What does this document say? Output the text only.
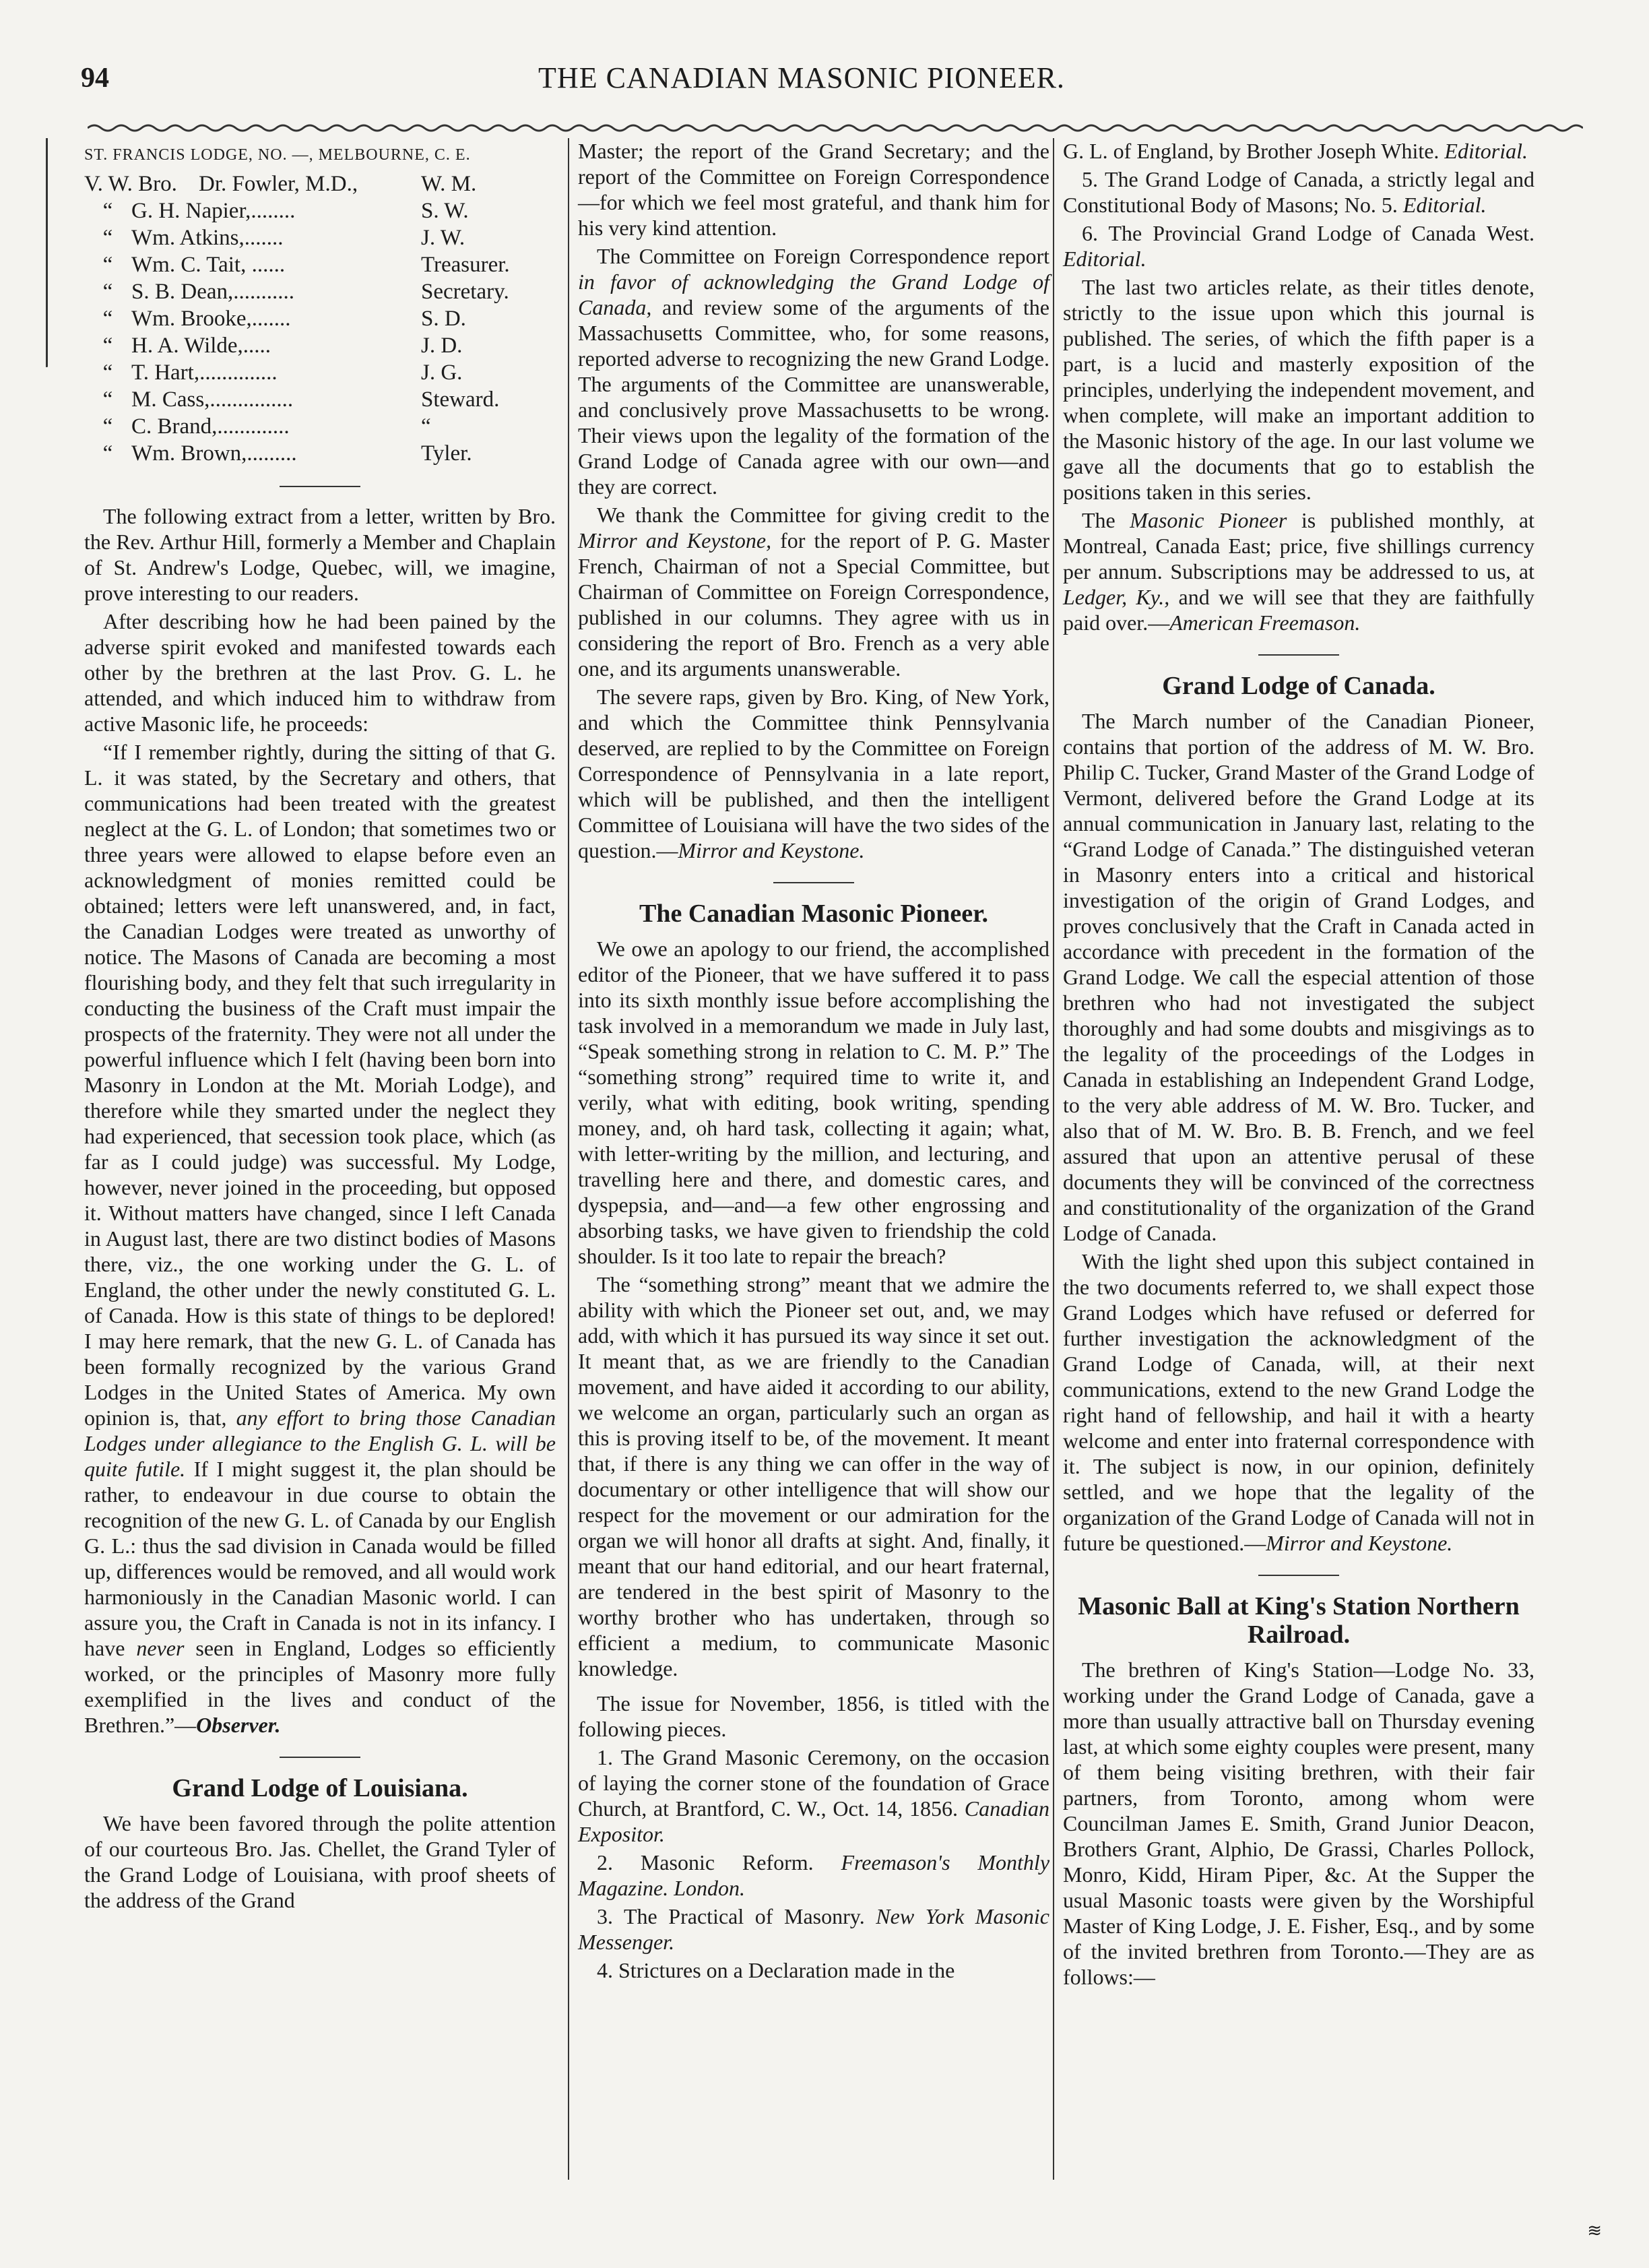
94	THE CANADIAN MASONIC PIONEER.
ST. FRANCIS LODGE, NO. —, MELBOURNE, C. E.
V. W. Bro. Dr. Fowler, M.D.,	W. M.
“ G. H. Napier,........	S. W.
“ Wm. Atkins,.......	J. W.
“ Wm. C. Tait, ......	Treasurer.
“ S. B. Dean,...........	Secretary.
“ Wm. Brooke,.......	S. D.
“ H. A. Wilde,.....	J. D.
“ T. Hart,..............	J. G.
“ M. Cass,...............	Steward.
“ C. Brand,.............	“
“ Wm. Brown,.........	Tyler.

The following extract from a letter, written by Bro. the Rev. Arthur Hill, formerly a Member and Chaplain of St. Andrew's Lodge, Quebec, will, we imagine, prove interesting to our readers.

After describing how he had been pained by the adverse spirit evoked and manifested towards each other by the brethren at the last Prov. G. L. he attended, and which induced him to withdraw from active Masonic life, he proceeds:

“If I remember rightly, during the sitting of that G. L. it was stated, by the Secretary and others, that communications had been treated with the greatest neglect at the G. L. of London; that sometimes two or three years were allowed to elapse before even an acknowledgment of monies remitted could be obtained; letters were left unanswered, and, in fact, the Canadian Lodges were treated as unworthy of notice. The Masons of Canada are becoming a most flourishing body, and they felt that such irregularity in conducting the business of the Craft must impair the prospects of the fraternity. They were not all under the powerful influence which I felt (having been born into Masonry in London at the Mt. Moriah Lodge), and therefore while they smarted under the neglect they had experienced, that secession took place, which (as far as I could judge) was successful. My Lodge, however, never joined in the proceeding, but opposed it. Without matters have changed, since I left Canada in August last, there are two distinct bodies of Masons there, viz., the one working under the G. L. of England, the other under the newly constituted G. L. of Canada. How is this state of things to be deplored! I may here remark, that the new G. L. of Canada has been formally recognized by the various Grand Lodges in the United States of America. My own opinion is, that, any effort to bring those Canadian Lodges under allegiance to the English G. L. will be quite futile. If I might suggest it, the plan should be rather, to endeavour in due course to obtain the recognition of the new G. L. of Canada by our English G. L.: thus the sad division in Canada would be filled up, differences would be removed, and all would work harmoniously in the Canadian Masonic world. I can assure you, the Craft in Canada is not in its infancy. I have never seen in England, Lodges so efficiently worked, or the principles of Masonry more fully exemplified in the lives and conduct of the Brethren.”—Observer.

Grand Lodge of Louisiana.

We have been favored through the polite attention of our courteous Bro. Jas. Chellet, the Grand Tyler of the Grand Lodge of Louisiana, with proof sheets of the address of the Grand

Master; the report of the Grand Secretary; and the report of the Committee on Foreign Correspondence—for which we feel most grateful, and thank him for his very kind attention.

The Committee on Foreign Correspondence report in favor of acknowledging the Grand Lodge of Canada, and review some of the arguments of the Massachusetts Committee, who, for some reasons, reported adverse to recognizing the new Grand Lodge. The arguments of the Committee are unanswerable, and conclusively prove Massachusetts to be wrong. Their views upon the legality of the formation of the Grand Lodge of Canada agree with our own—and they are correct.

We thank the Committee for giving credit to the Mirror and Keystone, for the report of P. G. Master French, Chairman of not a Special Committee, but Chairman of Committee on Foreign Correspondence, published in our columns. They agree with us in considering the report of Bro. French as a very able one, and its arguments unanswerable.

The severe raps, given by Bro. King, of New York, and which the Committee think Pennsylvania deserved, are replied to by the Committee on Foreign Correspondence of Pennsylvania in a late report, which will be published, and then the intelligent Committee of Louisiana will have the two sides of the question.—Mirror and Keystone.

The Canadian Masonic Pioneer.

We owe an apology to our friend, the accomplished editor of the Pioneer, that we have suffered it to pass into its sixth monthly issue before accomplishing the task involved in a memorandum we made in July last, “Speak something strong in relation to C. M. P.” The “something strong” required time to write it, and verily, what with editing, book writing, spending money, and, oh hard task, collecting it again; what, with letter-writing by the million, and lecturing, and travelling here and there, and domestic cares, and dyspepsia, and—and—a few other engrossing and absorbing tasks, we have given to friendship the cold shoulder. Is it too late to repair the breach?

The “something strong” meant that we admire the ability with which the Pioneer set out, and, we may add, with which it has pursued its way since it set out. It meant that, as we are friendly to the Canadian movement, and have aided it according to our ability, we welcome an organ, particularly such an organ as this is proving itself to be, of the movement. It meant that, if there is any thing we can offer in the way of documentary or other intelligence that will show our respect for the movement or our admiration for the organ we will honor all drafts at sight. And, finally, it meant that our hand editorial, and our heart fraternal, are tendered in the best spirit of Masonry to the worthy brother who has undertaken, through so efficient a medium, to communicate Masonic knowledge.

The issue for November, 1856, is titled with the following pieces.

1. The Grand Masonic Ceremony, on the occasion of laying the corner stone of the foundation of Grace Church, at Brantford, C. W., Oct. 14, 1856. Canadian Expositor.

2. Masonic Reform. Freemason's Monthly Magazine. London.

3. The Practical of Masonry. New York Masonic Messenger.

4. Strictures on a Declaration made in the

G. L. of England, by Brother Joseph White. Editorial.

5. The Grand Lodge of Canada, a strictly legal and Constitutional Body of Masons; No. 5. Editorial.

6. The Provincial Grand Lodge of Canada West. Editorial.

The last two articles relate, as their titles denote, strictly to the issue upon which this journal is published. The series, of which the fifth paper is a part, is a lucid and masterly exposition of the principles, underlying the independent movement, and when complete, will make an important addition to the Masonic history of the age. In our last volume we gave all the documents that go to establish the positions taken in this series.

The Masonic Pioneer is published monthly, at Montreal, Canada East; price, five shillings currency per annum. Subscriptions may be addressed to us, at Ledger, Ky., and we will see that they are faithfully paid over.—American Freemason.

Grand Lodge of Canada.

The March number of the Canadian Pioneer, contains that portion of the address of M. W. Bro. Philip C. Tucker, Grand Master of the Grand Lodge of Vermont, delivered before the Grand Lodge at its annual communication in January last, relating to the “Grand Lodge of Canada.” The distinguished veteran in Masonry enters into a critical and historical investigation of the origin of Grand Lodges, and proves conclusively that the Craft in Canada acted in accordance with precedent in the formation of the Grand Lodge. We call the especial attention of those brethren who had not investigated the subject thoroughly and had some doubts and misgivings as to the legality of the proceedings of the Lodges in Canada in establishing an Independent Grand Lodge, to the very able address of M. W. Bro. Tucker, and also that of M. W. Bro. B. B. French, and we feel assured that upon an attentive perusal of these documents they will be convinced of the correctness and constitutionality of the organization of the Grand Lodge of Canada.

With the light shed upon this subject contained in the two documents referred to, we shall expect those Grand Lodges which have refused or deferred for further investigation the acknowledgment of the Grand Lodge of Canada, will, at their next communications, extend to the new Grand Lodge the right hand of fellowship, and hail it with a hearty welcome and enter into fraternal correspondence with it. The subject is now, in our opinion, definitely settled, and we hope that the legality of the organization of the Grand Lodge of Canada will not in future be questioned.—Mirror and Keystone.

Masonic Ball at King's Station Northern Railroad.

The brethren of King's Station—Lodge No. 33, working under the Grand Lodge of Canada, gave a more than usually attractive ball on Thursday evening last, at which some eighty couples were present, many of them being visiting brethren, with their fair partners, from Toronto, among whom were Councilman James E. Smith, Grand Junior Deacon, Brothers Grant, Alphio, De Grassi, Charles Pollock, Monro, Kidd, Hiram Piper, &c. At the Supper the usual Masonic toasts were given by the Worshipful Master of King Lodge, J. E. Fisher, Esq., and by some of the invited brethren from Toronto.—They are as follows:—

≋
